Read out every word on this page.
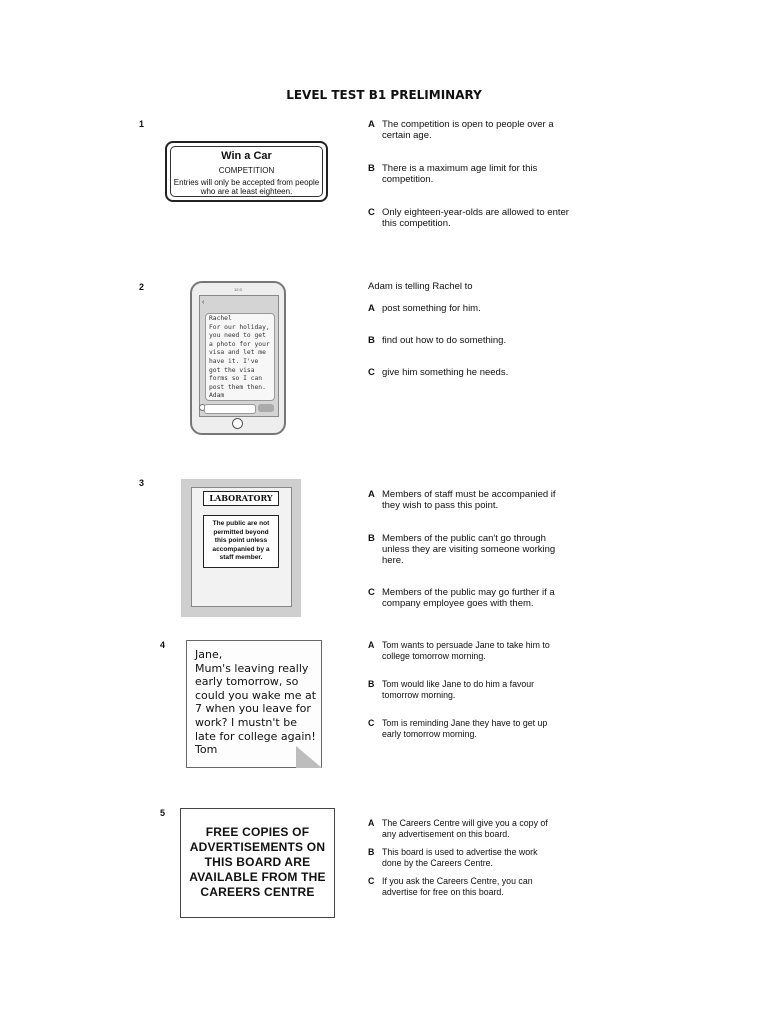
LEVEL TEST B1 PRELIMINARY
1
Win a Car
COMPETITION
Entries will only be accepted from people
who are at least eighteen.
A The competition is open to people over a
certain age.
B There is a maximum age limit for this
competition.
C Only eighteen-year-olds are allowed to enter
this competition.
2	12:3
‹
Rachel
For our holiday,
you need to get
a photo for your
visa and let me
have it. I've
got the visa
forms so I can
post them then.
Adam
Adam is telling Rachel to
A post something for him.
B find out how to do something.
C give him something he needs.
3
LABORATORY
The public are not
permitted beyond
this point unless
accompanied by a
staff member.
A Members of staff must be accompanied if
they wish to pass this point.
B Members of the public can't go through
unless they are visiting someone working
here.
C Members of the public may go further if a
company employee goes with them.
4
Jane,
Mum's leaving really
early tomorrow, so
could you wake me at
7 when you leave for
work? I mustn't be
late for college again!
Tom
A Tom wants to persuade Jane to take him to
college tomorrow morning.
B Tom would like Jane to do him a favour
tomorrow morning.
C Tom is reminding Jane they have to get up
early tomorrow morning.
5
FREE COPIES OF
ADVERTISEMENTS ON
THIS BOARD ARE
AVAILABLE FROM THE
CAREERS CENTRE
A The Careers Centre will give you a copy of
any advertisement on this board.
B This board is used to advertise the work
done by the Careers Centre.
C If you ask the Careers Centre, you can
advertise for free on this board.
